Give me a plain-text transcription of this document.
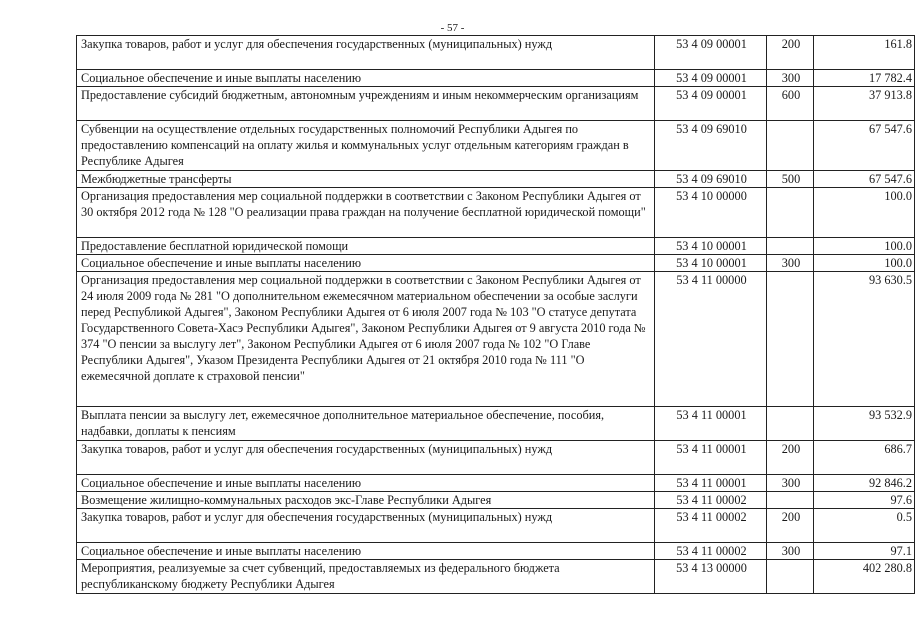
- 57 -
Закупка товаров, работ и услуг для обеспечения государственных (муниципальных) нужд	53 4 09 00001	200	161.8
Социальное обеспечение и иные выплаты населению	53 4 09 00001	300	17 782.4
Предоставление субсидий бюджетным, автономным учреждениям и иным некоммерческим организациям	53 4 09 00001	600	37 913.8
Субвенции на осуществление отдельных государственных полномочий Республики Адыгея по предоставлению компенсаций на оплату жилья и коммунальных услуг отдельным категориям граждан в Республике Адыгея	53 4 09 69010		67 547.6
Межбюджетные трансферты	53 4 09 69010	500	67 547.6
Организация предоставления мер социальной поддержки в соответствии с Законом Республики Адыгея от 30 октября 2012 года № 128 "О реализации права граждан на получение бесплатной юридической помощи"	53 4 10 00000		100.0
Предоставление бесплатной юридической помощи	53 4 10 00001		100.0
Социальное обеспечение и иные выплаты населению	53 4 10 00001	300	100.0
Организация предоставления мер социальной поддержки в соответствии с Законом Республики Адыгея от 24 июля 2009 года № 281 "О дополнительном ежемесячном материальном обеспечении за особые заслуги перед Республикой Адыгея", Законом Республики Адыгея от 6 июля 2007 года № 103 "О статусе депутата Государственного Совета-Хасэ Республики Адыгея", Законом Республики Адыгея от 9 августа 2010 года № 374 "О пенсии за выслугу лет", Законом Республики Адыгея от 6 июля 2007 года № 102 "О Главе Республики Адыгея", Указом Президента Республики Адыгея от 21 октября 2010 года № 111 "О ежемесячной доплате к страховой пенсии"	53 4 11 00000		93 630.5
Выплата пенсии за выслугу лет, ежемесячное дополнительное материальное обеспечение, пособия, надбавки, доплаты к пенсиям	53 4 11 00001		93 532.9
Закупка товаров, работ и услуг для обеспечения государственных (муниципальных) нужд	53 4 11 00001	200	686.7
Социальное обеспечение и иные выплаты населению	53 4 11 00001	300	92 846.2
Возмещение жилищно-коммунальных расходов экс-Главе Республики Адыгея	53 4 11 00002		97.6
Закупка товаров, работ и услуг для обеспечения государственных (муниципальных) нужд	53 4 11 00002	200	0.5
Социальное обеспечение и иные выплаты населению	53 4 11 00002	300	97.1
Мероприятия, реализуемые за счет субвенций, предоставляемых из федерального бюджета республиканскому бюджету Республики Адыгея	53 4 13 00000		402 280.8
